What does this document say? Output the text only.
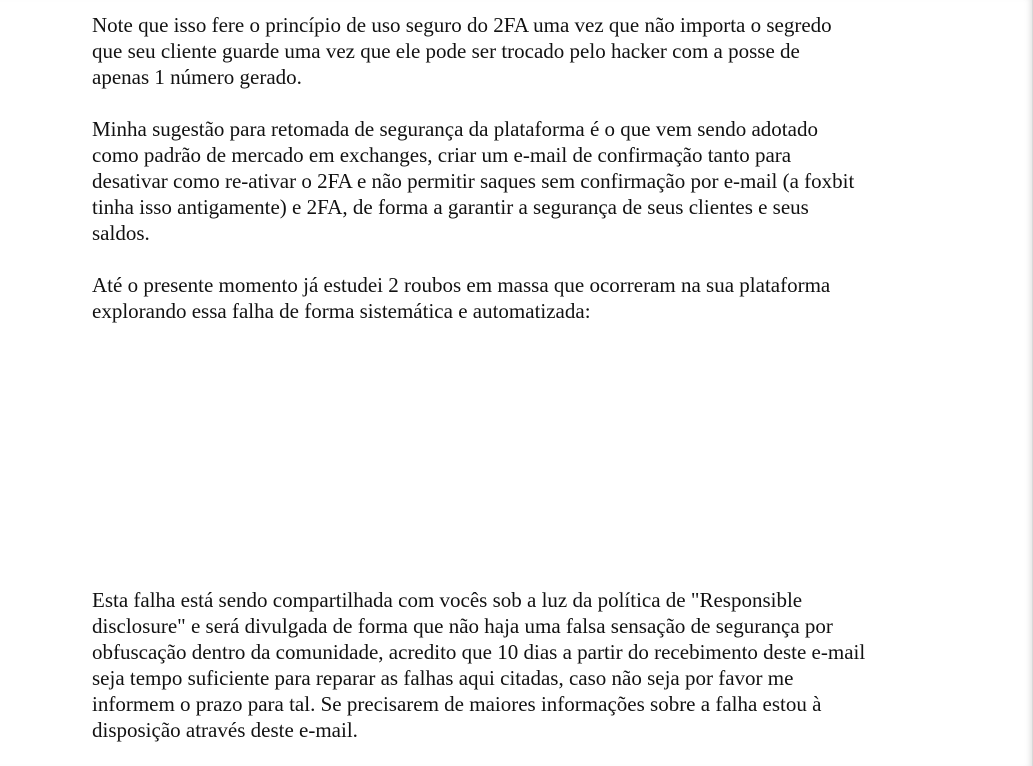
Note que isso fere o princípio de uso seguro do 2FA uma vez que não importa o segredo
que seu cliente guarde uma vez que ele pode ser trocado pelo hacker com a posse de
apenas 1 número gerado.

Minha sugestão para retomada de segurança da plataforma é o que vem sendo adotado
como padrão de mercado em exchanges, criar um e-mail de confirmação tanto para
desativar como re-ativar o 2FA e não permitir saques sem confirmação por e-mail (a foxbit
tinha isso antigamente) e 2FA, de forma a garantir a segurança de seus clientes e seus
saldos.

Até o presente momento já estudei 2 roubos em massa que ocorreram na sua plataforma
explorando essa falha de forma sistemática e automatizada:

Esta falha está sendo compartilhada com vocês sob a luz da política de "Responsible
disclosure" e será divulgada de forma que não haja uma falsa sensação de segurança por
obfuscação dentro da comunidade, acredito que 10 dias a partir do recebimento deste e-mail
seja tempo suficiente para reparar as falhas aqui citadas, caso não seja por favor me
informem o prazo para tal. Se precisarem de maiores informações sobre a falha estou à
disposição através deste e-mail.
